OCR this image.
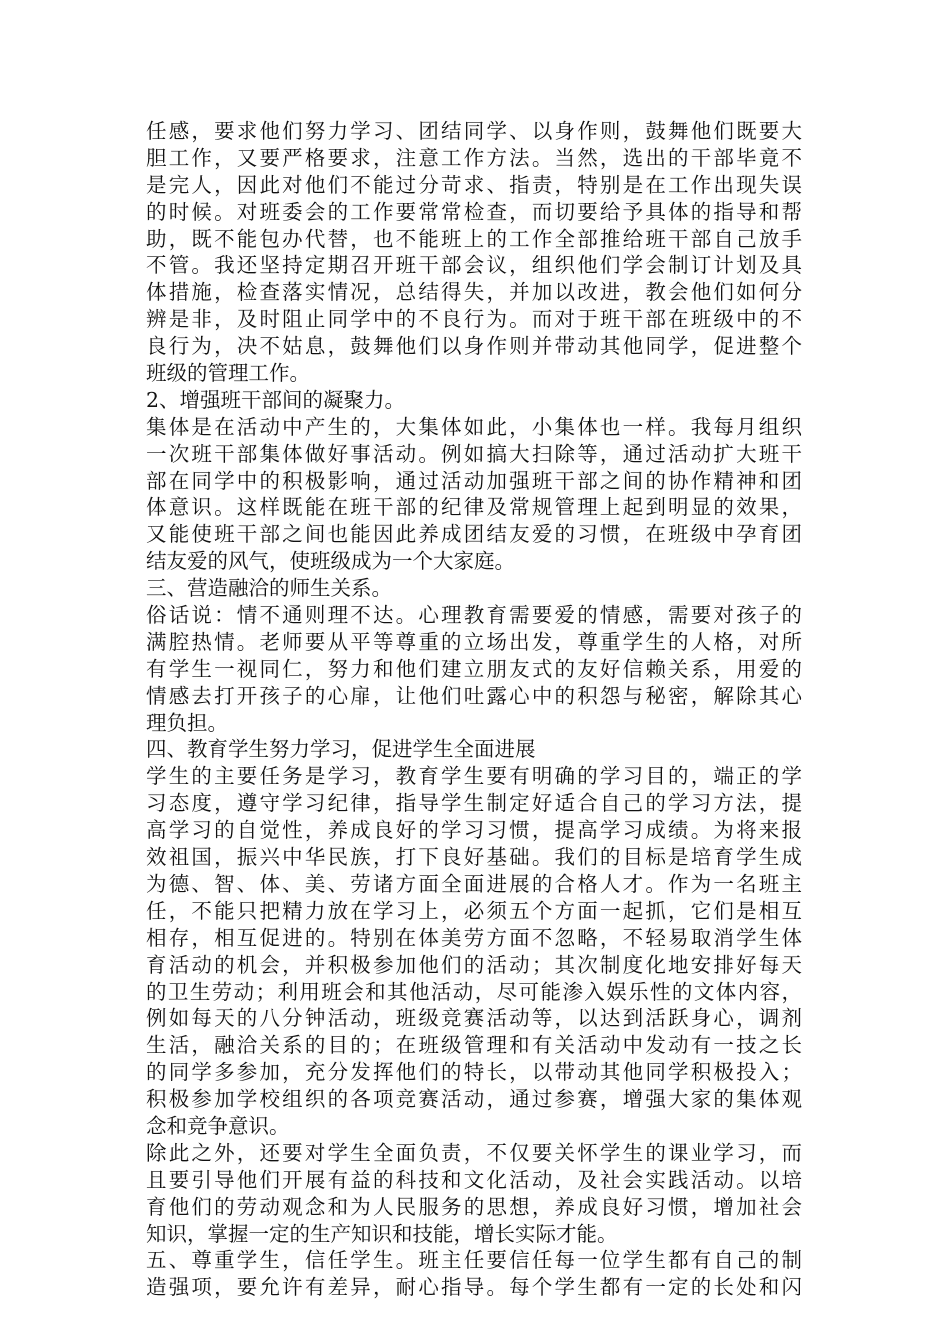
任感，要求他们努力学习、团结同学、以身作则，鼓舞他们既要大
胆工作，又要严格要求，注意工作方法。当然，选出的干部毕竟不
是完人，因此对他们不能过分苛求、指责，特别是在工作出现失误
的时候。对班委会的工作要常常检查，而切要给予具体的指导和帮
助，既不能包办代替，也不能班上的工作全部推给班干部自己放手
不管。我还坚持定期召开班干部会议，组织他们学会制订计划及具
体措施，检查落实情况，总结得失，并加以改进，教会他们如何分
辨是非，及时阻止同学中的不良行为。而对于班干部在班级中的不
良行为，决不姑息，鼓舞他们以身作则并带动其他同学，促进整个
班级的管理工作。
2、增强班干部间的凝聚力。
集体是在活动中产生的，大集体如此，小集体也一样。我每月组织
一次班干部集体做好事活动。例如搞大扫除等，通过活动扩大班干
部在同学中的积极影响，通过活动加强班干部之间的协作精神和团
体意识。这样既能在班干部的纪律及常规管理上起到明显的效果，
又能使班干部之间也能因此养成团结友爱的习惯，在班级中孕育团
结友爱的风气，使班级成为一个大家庭。
三、营造融洽的师生关系。
俗话说：情不通则理不达。心理教育需要爱的情感，需要对孩子的
满腔热情。老师要从平等尊重的立场出发，尊重学生的人格，对所
有学生一视同仁，努力和他们建立朋友式的友好信赖关系，用爱的
情感去打开孩子的心扉，让他们吐露心中的积怨与秘密，解除其心
理负担。
四、教育学生努力学习，促进学生全面进展
学生的主要任务是学习，教育学生要有明确的学习目的，端正的学
习态度，遵守学习纪律，指导学生制定好适合自己的学习方法，提
高学习的自觉性，养成良好的学习习惯，提高学习成绩。为将来报
效祖国，振兴中华民族，打下良好基础。我们的目标是培育学生成
为德、智、体、美、劳诸方面全面进展的合格人才。作为一名班主
任，不能只把精力放在学习上，必须五个方面一起抓，它们是相互
相存，相互促进的。特别在体美劳方面不忽略，不轻易取消学生体
育活动的机会，并积极参加他们的活动；其次制度化地安排好每天
的卫生劳动；利用班会和其他活动，尽可能渗入娱乐性的文体内容，
例如每天的八分钟活动，班级竞赛活动等，以达到活跃身心，调剂
生活，融洽关系的目的；在班级管理和有关活动中发动有一技之长
的同学多参加，充分发挥他们的特长，以带动其他同学积极投入；
积极参加学校组织的各项竞赛活动，通过参赛，增强大家的集体观
念和竞争意识。
除此之外，还要对学生全面负责，不仅要关怀学生的课业学习，而
且要引导他们开展有益的科技和文化活动，及社会实践活动。以培
育他们的劳动观念和为人民服务的思想，养成良好习惯，增加社会
知识，掌握一定的生产知识和技能，增长实际才能。
五、尊重学生，信任学生。班主任要信任每一位学生都有自己的制
造强项，要允许有差异，耐心指导。每个学生都有一定的长处和闪
